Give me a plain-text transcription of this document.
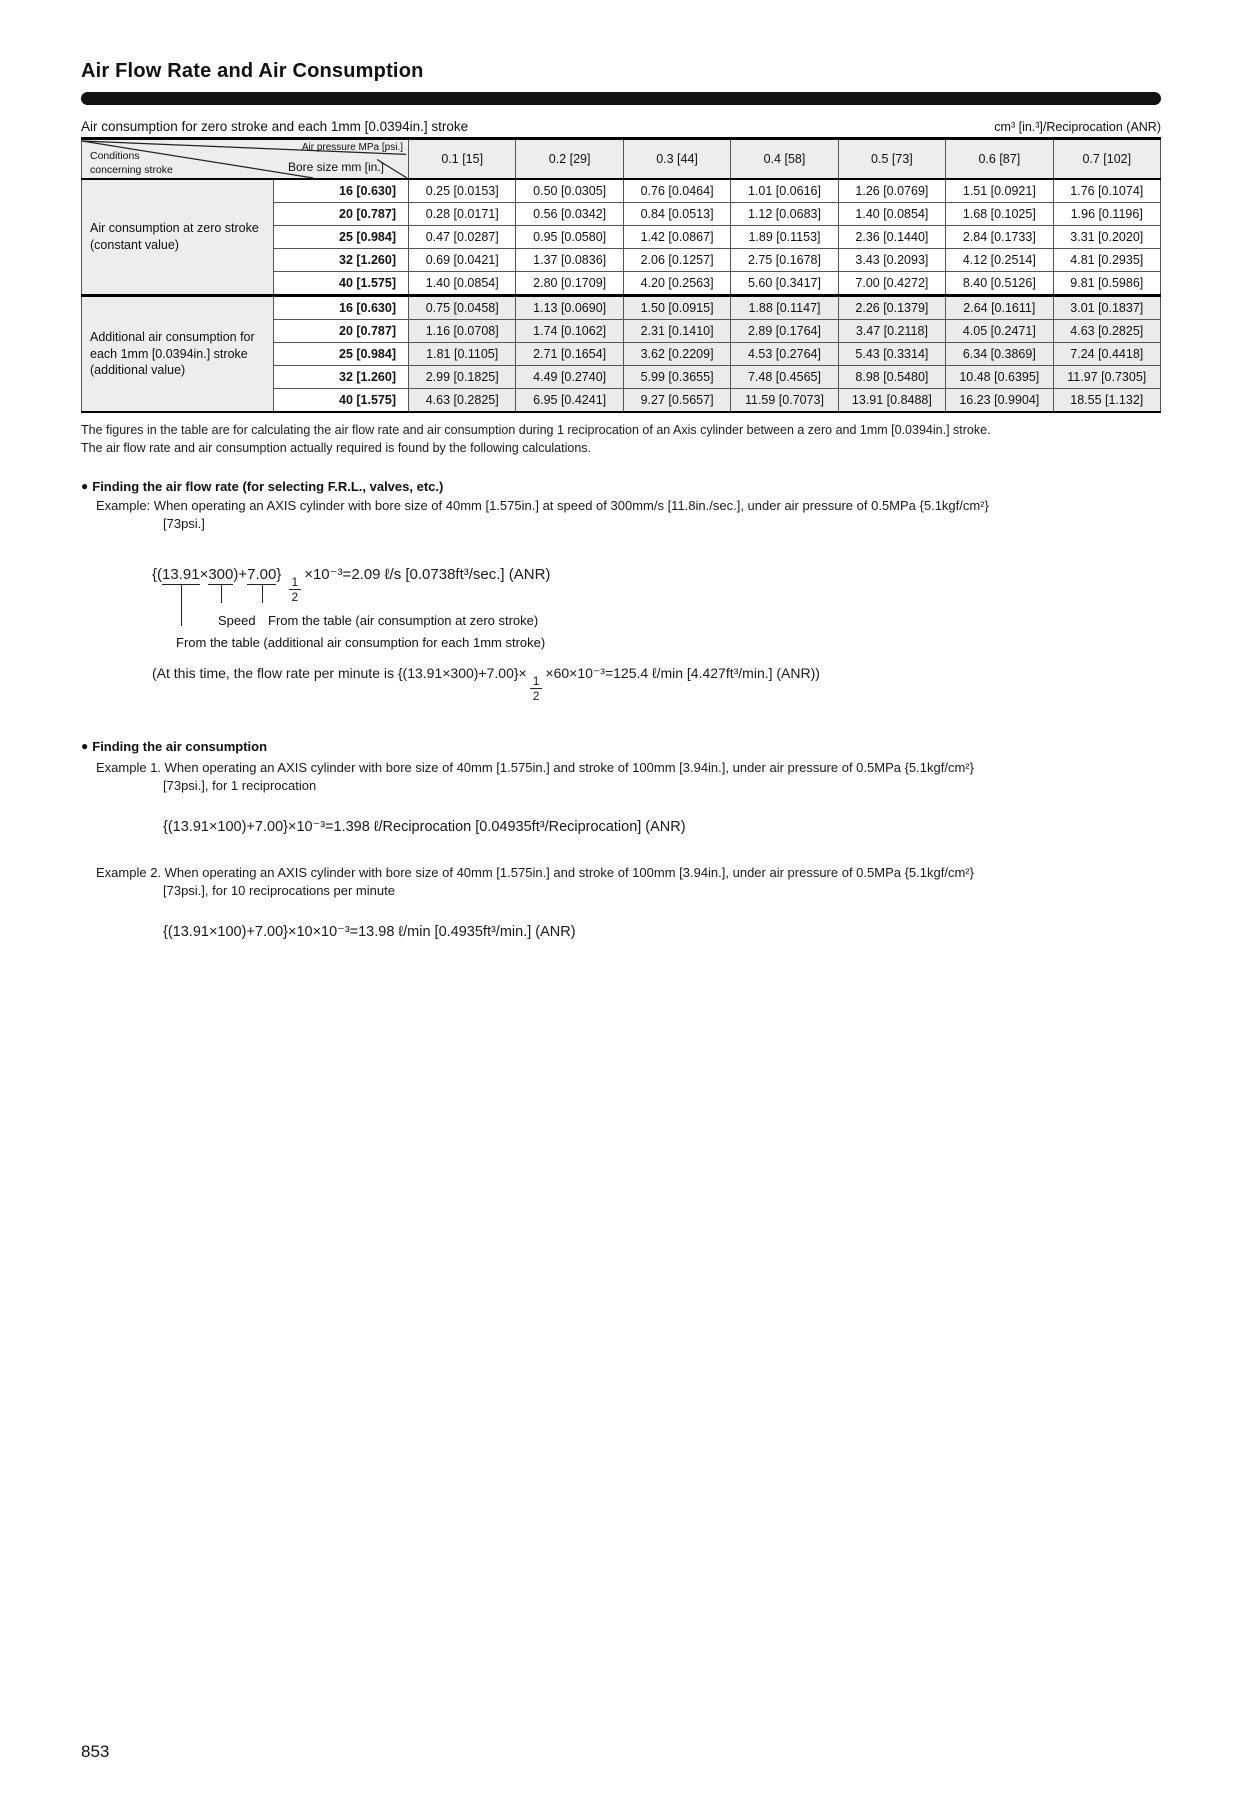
Air Flow Rate and Air Consumption
Air consumption for zero stroke and each 1mm [0.0394in.] stroke	cm³ [in.³]/Reciprocation (ANR)
Conditions
concerning stroke
Air pressure MPa [psi.]
Bore size mm [in.]		0.1 [15]	0.2 [29]	0.3 [44]	0.4 [58]	0.5 [73]	0.6 [87]	0.7 [102]
Air consumption at zero stroke (constant value)	16 [0.630]	0.25 [0.0153]	0.50 [0.0305]	0.76 [0.0464]	1.01 [0.0616]	1.26 [0.0769]	1.51 [0.0921]	1.76 [0.1074]
	20 [0.787]	0.28 [0.0171]	0.56 [0.0342]	0.84 [0.0513]	1.12 [0.0683]	1.40 [0.0854]	1.68 [0.1025]	1.96 [0.1196]
	25 [0.984]	0.47 [0.0287]	0.95 [0.0580]	1.42 [0.0867]	1.89 [0.1153]	2.36 [0.1440]	2.84 [0.1733]	3.31 [0.2020]
	32 [1.260]	0.69 [0.0421]	1.37 [0.0836]	2.06 [0.1257]	2.75 [0.1678]	3.43 [0.2093]	4.12 [0.2514]	4.81 [0.2935]
	40 [1.575]	1.40 [0.0854]	2.80 [0.1709]	4.20 [0.2563]	5.60 [0.3417]	7.00 [0.4272]	8.40 [0.5126]	9.81 [0.5986]
Additional air consumption for each 1mm [0.0394in.] stroke (additional value)	16 [0.630]	0.75 [0.0458]	1.13 [0.0690]	1.50 [0.0915]	1.88 [0.1147]	2.26 [0.1379]	2.64 [0.1611]	3.01 [0.1837]
	20 [0.787]	1.16 [0.0708]	1.74 [0.1062]	2.31 [0.1410]	2.89 [0.1764]	3.47 [0.2118]	4.05 [0.2471]	4.63 [0.2825]
	25 [0.984]	1.81 [0.1105]	2.71 [0.1654]	3.62 [0.2209]	4.53 [0.2764]	5.43 [0.3314]	6.34 [0.3869]	7.24 [0.4418]
	32 [1.260]	2.99 [0.1825]	4.49 [0.2740]	5.99 [0.3655]	7.48 [0.4565]	8.98 [0.5480]	10.48 [0.6395]	11.97 [0.7305]
	40 [1.575]	4.63 [0.2825]	6.95 [0.4241]	9.27 [0.5657]	11.59 [0.7073]	13.91 [0.8488]	16.23 [0.9904]	18.55 [1.132]

The figures in the table are for calculating the air flow rate and air consumption during 1 reciprocation of an Axis cylinder between a zero and 1mm [0.0394in.] stroke.

The air flow rate and air consumption actually required is found by the following calculations.

● Finding the air flow rate (for selecting F.R.L., valves, etc.)
Example: When operating an AXIS cylinder with bore size of 40mm [1.575in.] at speed of 300mm/s [11.8in./sec.], under air pressure of 0.5MPa {5.1kgf/cm²}
[73psi.]
{(13.91×300)+7.00}
$\frac{1}{2}$
×10⁻³=2.09 ℓ/s [0.0738ft³/sec.] (ANR)
Speed From the table (air consumption at zero stroke)
From the table (additional air consumption for each 1mm stroke)
(At this time, the flow rate per minute is {(13.91×300)+7.00}×
$\frac{1}{2}$
×60×10⁻³=125.4 ℓ/min [4.427ft³/min.] (ANR))
● Finding the air consumption
Example 1. When operating an AXIS cylinder with bore size of 40mm [1.575in.] and stroke of 100mm [3.94in.], under air pressure of 0.5MPa {5.1kgf/cm²}
[73psi.], for 1 reciprocation
{(13.91×100)+7.00}×10⁻³=1.398 ℓ/Reciprocation [0.04935ft³/Reciprocation] (ANR)
Example 2. When operating an AXIS cylinder with bore size of 40mm [1.575in.] and stroke of 100mm [3.94in.], under air pressure of 0.5MPa {5.1kgf/cm²}
[73psi.], for 10 reciprocations per minute
{(13.91×100)+7.00}×10×10⁻³=13.98 ℓ/min [0.4935ft³/min.] (ANR)
853
